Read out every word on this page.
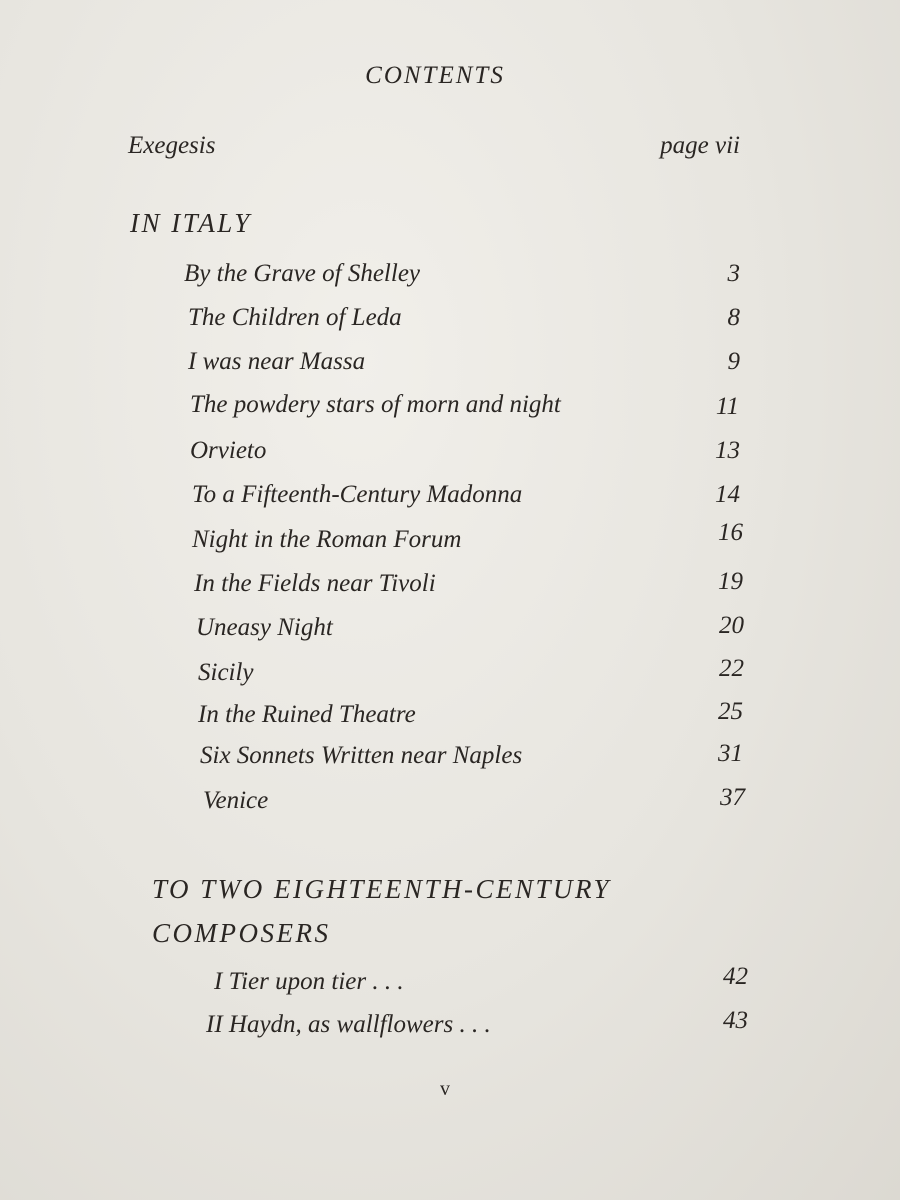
CONTENTS
Exegesis	page vii
IN ITALY
By the Grave of Shelley	3
The Children of Leda	8
I was near Massa	9
The powdery stars of morn and night	11
Orvieto	13
To a Fifteenth-Century Madonna	14
Night in the Roman Forum	16
In the Fields near Tivoli	19
Uneasy Night	20
Sicily	22
In the Ruined Theatre	25
Six Sonnets Written near Naples	31
Venice	37
TO TWO EIGHTEENTH-CENTURY
COMPOSERS
I Tier upon tier . . .	42
II Haydn, as wallflowers . . .	43
v
